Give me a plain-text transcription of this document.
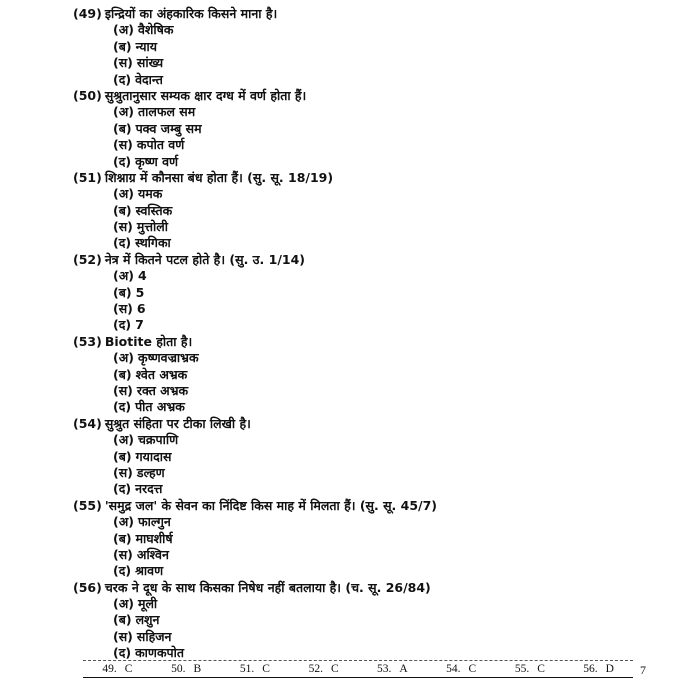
(49) इन्द्रियों का अंहकारिक किसने माना है।
(अ) वैशेषिक
(ब) न्याय
(स) सांख्य
(द) वेदान्त
(50) सुश्रुतानुसार सम्यक क्षार दग्ध में वर्ण होता हैं।
(अ) तालफल सम
(ब) पक्व जम्बु सम
(स) कपोत वर्ण
(द) कृष्ण वर्ण
(51) शिश्नाग्र में कौनसा बंध होता हैं। (सु. सू. 18/19)
(अ) यमक
(ब) स्वस्तिक
(स) मुत्तोली
(द) स्थगिका
(52) नेत्र में कितने पटल होते है। (सु. उ. 1/14)
(अ) 4
(ब) 5
(स) 6
(द) 7
(53) Biotite होता है।
(अ) कृष्णवज्राभ्रक
(ब) श्वेत अभ्रक
(स) रक्त अभ्रक
(द) पीत अभ्रक
(54) सुश्रुत संहिता पर टीका लिखी है।
(अ) चक्रपाणि
(ब) गयादास
(स) डल्हण
(द) नरदत्त
(55) 'समुद्र जल' के सेवन का निंदिष्ट किस माह में मिलता हैं। (सु. सू. 45/7)
(अ) फाल्गुन
(ब) माघशीर्ष
(स) अश्विन
(द) श्रावण
(56) चरक ने दूध के साथ किसका निषेध नहीं बतलाया है। (च. सू. 26/84)
(अ) मूली
(ब) लशुन
(स) सहिजन
(द) काणकपोत
49. C	50. B	51. C	52. C	53. A	54. C	55. C	56. D	7
